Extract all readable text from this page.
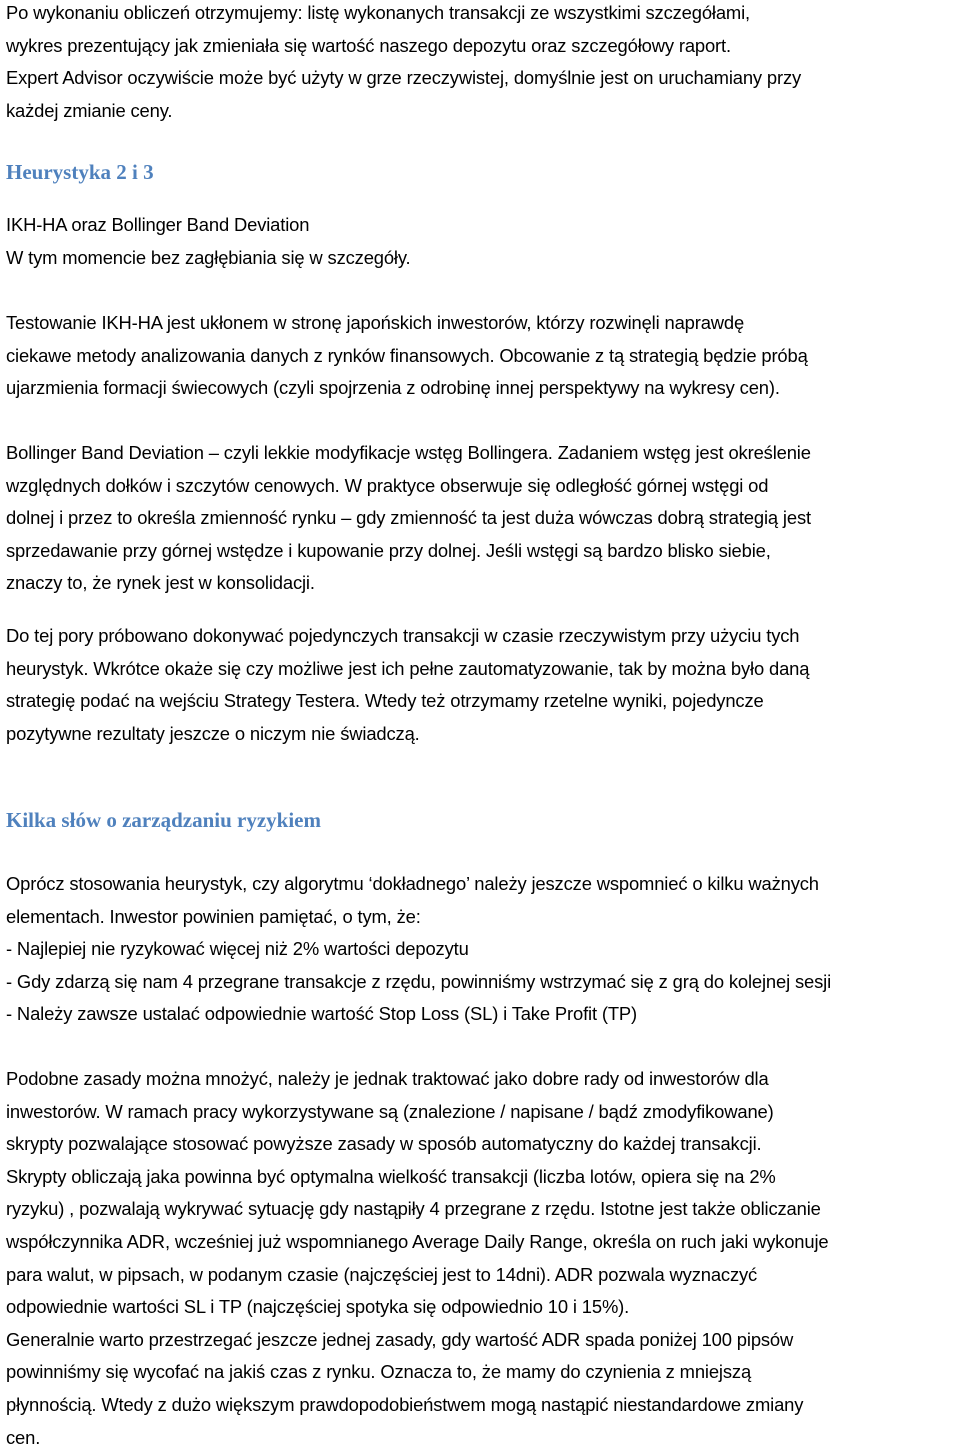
Po wykonaniu obliczeń otrzymujemy: listę wykonanych transakcji ze wszystkimi szczegółami,
wykres prezentujący jak zmieniała się wartość naszego depozytu oraz szczegółowy raport.
Expert Advisor oczywiście może być użyty w grze rzeczywistej, domyślnie jest on uruchamiany przy
każdej zmianie ceny.
Heurystyka 2 i 3
IKH-HA oraz Bollinger Band Deviation
W tym momencie bez zagłębiania się w szczegóły.
Testowanie IKH-HA jest ukłonem w stronę japońskich inwestorów, którzy rozwinęli naprawdę
ciekawe metody analizowania danych z rynków finansowych. Obcowanie z tą strategią będzie próbą
ujarzmienia formacji świecowych (czyli spojrzenia z odrobinę innej perspektywy na wykresy cen).
Bollinger Band Deviation – czyli lekkie modyfikacje wstęg Bollingera. Zadaniem wstęg jest określenie
względnych dołków i szczytów cenowych. W praktyce obserwuje się odległość górnej wstęgi od
dolnej i przez to określa zmienność rynku – gdy zmienność ta jest duża wówczas dobrą strategią jest
sprzedawanie przy górnej wstędze i kupowanie przy dolnej. Jeśli wstęgi są bardzo blisko siebie,
znaczy to, że rynek jest w konsolidacji.
Do tej pory próbowano dokonywać pojedynczych transakcji w czasie rzeczywistym przy użyciu tych
heurystyk. Wkrótce okaże się czy możliwe jest ich pełne zautomatyzowanie, tak by można było daną
strategię podać na wejściu Strategy Testera. Wtedy też otrzymamy rzetelne wyniki, pojedyncze
pozytywne rezultaty jeszcze o niczym nie świadczą.
Kilka słów o zarządzaniu ryzykiem
Oprócz stosowania heurystyk, czy algorytmu ‘dokładnego’ należy jeszcze wspomnieć o kilku ważnych
elementach. Inwestor powinien pamiętać, o tym, że:
- Najlepiej nie ryzykować więcej niż 2% wartości depozytu
- Gdy zdarzą się nam 4 przegrane transakcje z rzędu, powinniśmy wstrzymać się z grą do kolejnej sesji
- Należy zawsze ustalać odpowiednie wartość Stop Loss (SL) i Take Profit (TP)
Podobne zasady można mnożyć, należy je jednak traktować jako dobre rady od inwestorów dla
inwestorów. W ramach pracy wykorzystywane są (znalezione / napisane / bądź zmodyfikowane)
skrypty pozwalające stosować powyższe zasady w sposób automatyczny do każdej transakcji.
Skrypty obliczają jaka powinna być optymalna wielkość transakcji (liczba lotów, opiera się na 2%
ryzyku) , pozwalają wykrywać sytuację gdy nastąpiły 4 przegrane z rzędu. Istotne jest także obliczanie
współczynnika ADR, wcześniej już wspomnianego Average Daily Range, określa on ruch jaki wykonuje
para walut, w pipsach, w podanym czasie (najczęściej jest to 14dni). ADR pozwala wyznaczyć
odpowiednie wartości SL i TP (najczęściej spotyka się odpowiednio 10 i 15%).
Generalnie warto przestrzegać jeszcze jednej zasady, gdy wartość ADR spada poniżej 100 pipsów
powinniśmy się wycofać na jakiś czas z rynku. Oznacza to, że mamy do czynienia z mniejszą
płynnością. Wtedy z dużo większym prawdopodobieństwem mogą nastąpić niestandardowe zmiany
cen.
